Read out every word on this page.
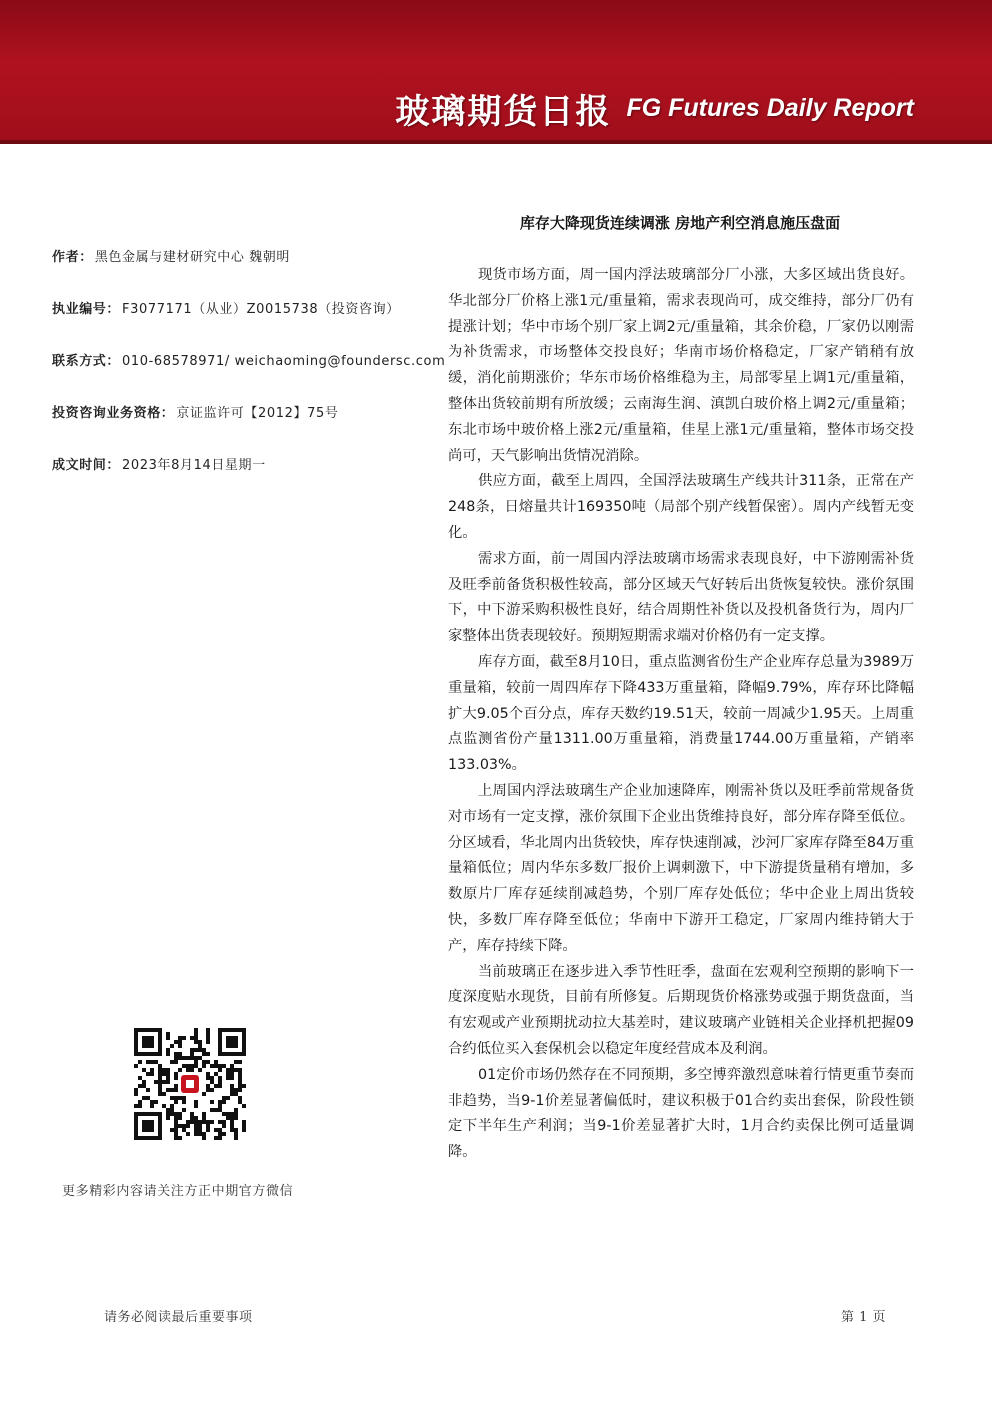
玻璃期货日报 FG Futures Daily Report
作者： 黑色金属与建材研究中心 魏朝明
执业编号： F3077171（从业）Z0015738（投资咨询）
联系方式： 010-68578971/ weichaoming@foundersc.com
投资咨询业务资格： 京证监许可【2012】75号
成文时间： 2023年8月14日星期一
库存大降现货连续调涨 房地产利空消息施压盘面

现货市场方面，周一国内浮法玻璃部分厂小涨，大多区域出货良好。华北部分厂价格上涨1元/重量箱，需求表现尚可，成交维持，部分厂仍有提涨计划；华中市场个别厂家上调2元/重量箱，其余价稳，厂家仍以刚需为补货需求，市场整体交投良好；华南市场价格稳定，厂家产销稍有放缓，消化前期涨价；华东市场价格维稳为主，局部零星上调1元/重量箱，整体出货较前期有所放缓；云南海生润、滇凯白玻价格上调2元/重量箱；东北市场中玻价格上涨2元/重量箱，佳星上涨1元/重量箱，整体市场交投尚可，天气影响出货情况消除。

供应方面，截至上周四，全国浮法玻璃生产线共计311条，正常在产248条，日熔量共计169350吨（局部个别产线暂保密）。周内产线暂无变化。

需求方面，前一周国内浮法玻璃市场需求表现良好，中下游刚需补货及旺季前备货积极性较高，部分区域天气好转后出货恢复较快。涨价氛围下，中下游采购积极性良好，结合周期性补货以及投机备货行为，周内厂家整体出货表现较好。预期短期需求端对价格仍有一定支撑。

库存方面，截至8月10日，重点监测省份生产企业库存总量为3989万重量箱，较前一周四库存下降433万重量箱，降幅9.79%，库存环比降幅扩大9.05个百分点，库存天数约19.51天，较前一周减少1.95天。上周重点监测省份产量1311.00万重量箱，消费量1744.00万重量箱，产销率133.03%。

上周国内浮法玻璃生产企业加速降库，刚需补货以及旺季前常规备货对市场有一定支撑，涨价氛围下企业出货维持良好，部分库存降至低位。分区域看，华北周内出货较快，库存快速削减，沙河厂家库存降至84万重量箱低位；周内华东多数厂报价上调刺激下，中下游提货量稍有增加，多数原片厂库存延续削减趋势，个别厂库存处低位；华中企业上周出货较快，多数厂库存降至低位；华南中下游开工稳定，厂家周内维持销大于产，库存持续下降。

当前玻璃正在逐步进入季节性旺季，盘面在宏观利空预期的影响下一度深度贴水现货，目前有所修复。后期现货价格涨势或强于期货盘面，当有宏观或产业预期扰动拉大基差时，建议玻璃产业链相关企业择机把握09合约低位买入套保机会以稳定年度经营成本及利润。

01定价市场仍然存在不同预期，多空博弈激烈意味着行情更重节奏而非趋势，当9-1价差显著偏低时，建议积极于01合约卖出套保，阶段性锁定下半年生产利润；当9-1价差显著扩大时，1月合约卖保比例可适量调降。

更多精彩内容请关注方正中期官方微信
请务必阅读最后重要事项	第 1 页
